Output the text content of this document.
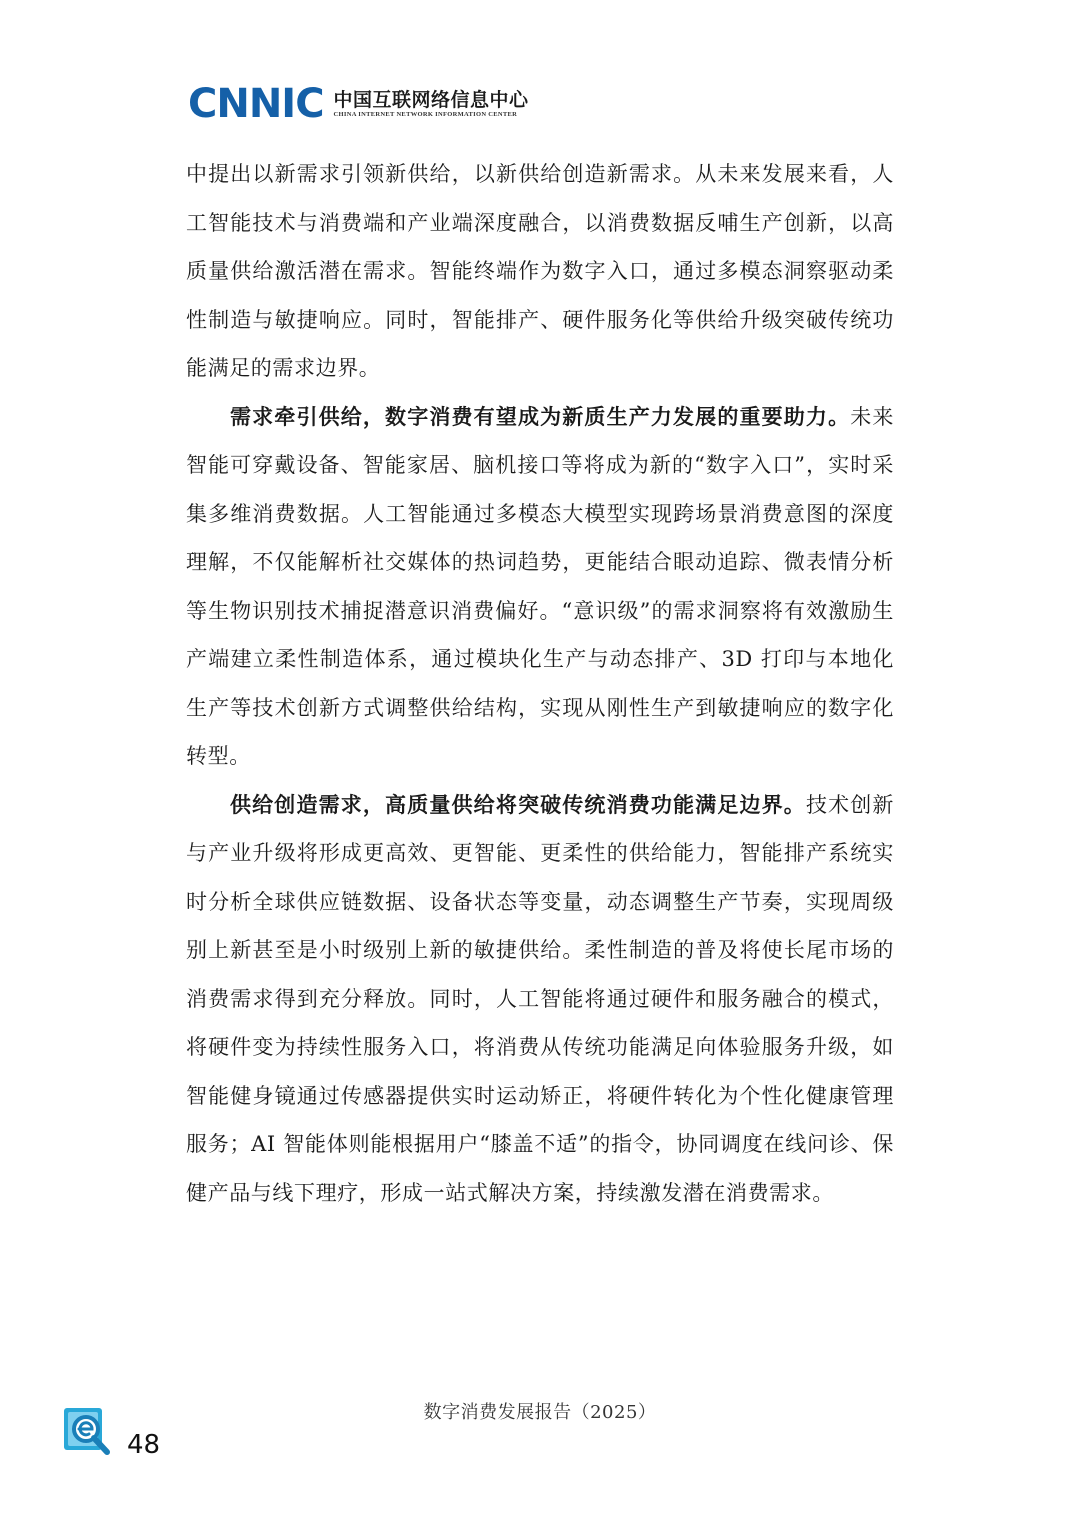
CNNIC 中国互联网络信息中心
CHINA INTERNET NETWORK INFORMATION CENTER

中提出以新需求引领新供给，以新供给创造新需求。从未来发展来看，人工智能技术与消费端和产业端深度融合，以消费数据反哺生产创新，以高质量供给激活潜在需求。智能终端作为数字入口，通过多模态洞察驱动柔性制造与敏捷响应。同时，智能排产、硬件服务化等供给升级突破传统功能满足的需求边界。

需求牵引供给，数字消费有望成为新质生产力发展的重要助力。未来智能可穿戴设备、智能家居、脑机接口等将成为新的“数字入口”，实时采集多维消费数据。人工智能通过多模态大模型实现跨场景消费意图的深度理解，不仅能解析社交媒体的热词趋势，更能结合眼动追踪、微表情分析等生物识别技术捕捉潜意识消费偏好。“意识级”的需求洞察将有效激励生产端建立柔性制造体系，通过模块化生产与动态排产、3D 打印与本地化生产等技术创新方式调整供给结构，实现从刚性生产到敏捷响应的数字化转型。

供给创造需求，高质量供给将突破传统消费功能满足边界。技术创新与产业升级将形成更高效、更智能、更柔性的供给能力，智能排产系统实时分析全球供应链数据、设备状态等变量，动态调整生产节奏，实现周级别上新甚至是小时级别上新的敏捷供给。柔性制造的普及将使长尾市场的消费需求得到充分释放。同时，人工智能将通过硬件和服务融合的模式，将硬件变为持续性服务入口，将消费从传统功能满足向体验服务升级，如智能健身镜通过传感器提供实时运动矫正，将硬件转化为个性化健康管理服务；AI 智能体则能根据用户“膝盖不适”的指令，协同调度在线问诊、保健产品与线下理疗，形成一站式解决方案，持续激发潜在消费需求。

数字消费发展报告（2025）
48
